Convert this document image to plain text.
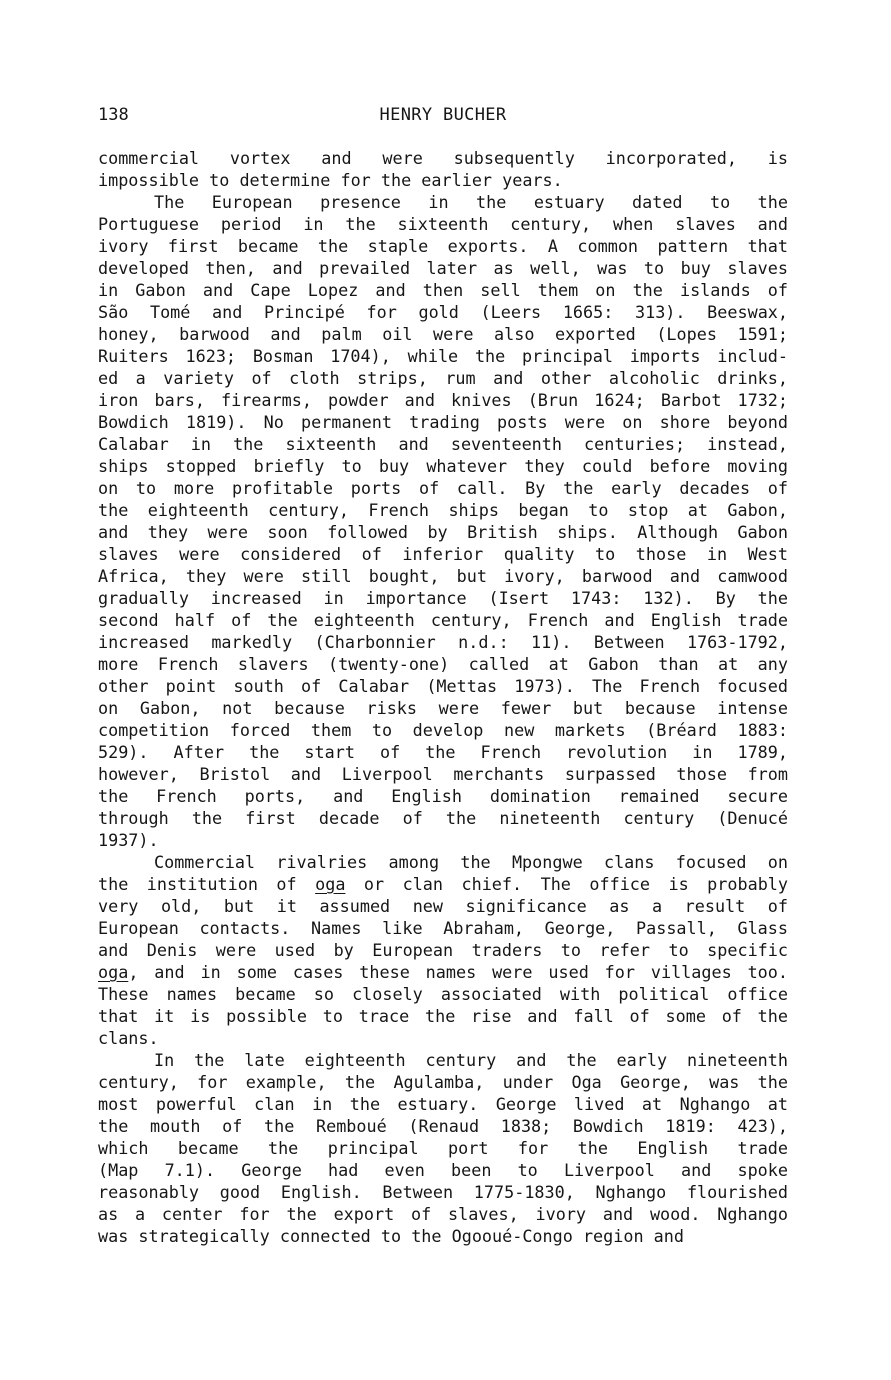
138	HENRY BUCHER
commercial vortex and were subsequently incorporated, is
impossible to determine for the earlier years.
The European presence in the estuary dated to the
Portuguese period in the sixteenth century, when slaves and
ivory first became the staple exports. A common pattern that
developed then, and prevailed later as well, was to buy slaves
in Gabon and Cape Lopez and then sell them on the islands of
São Tomé and Principé for gold (Leers 1665: 313). Beeswax,
honey, barwood and palm oil were also exported (Lopes 1591;
Ruiters 1623; Bosman 1704), while the principal imports includ-
ed a variety of cloth strips, rum and other alcoholic drinks,
iron bars, firearms, powder and knives (Brun 1624; Barbot 1732;
Bowdich 1819). No permanent trading posts were on shore beyond
Calabar in the sixteenth and seventeenth centuries; instead,
ships stopped briefly to buy whatever they could before moving
on to more profitable ports of call. By the early decades of
the eighteenth century, French ships began to stop at Gabon,
and they were soon followed by British ships. Although Gabon
slaves were considered of inferior quality to those in West
Africa, they were still bought, but ivory, barwood and camwood
gradually increased in importance (Isert 1743: 132). By the
second half of the eighteenth century, French and English trade
increased markedly (Charbonnier n.d.: 11). Between 1763-1792,
more French slavers (twenty-one) called at Gabon than at any
other point south of Calabar (Mettas 1973). The French focused
on Gabon, not because risks were fewer but because intense
competition forced them to develop new markets (Bréard 1883:
529). After the start of the French revolution in 1789,
however, Bristol and Liverpool merchants surpassed those from
the French ports, and English domination remained secure
through the first decade of the nineteenth century (Denucé
1937).
Commercial rivalries among the Mpongwe clans focused on
the institution of oga or clan chief. The office is probably
very old, but it assumed new significance as a result of
European contacts. Names like Abraham, George, Passall, Glass
and Denis were used by European traders to refer to specific
oga, and in some cases these names were used for villages too.
These names became so closely associated with political office
that it is possible to trace the rise and fall of some of the
clans.
In the late eighteenth century and the early nineteenth
century, for example, the Agulamba, under Oga George, was the
most powerful clan in the estuary. George lived at Nghango at
the mouth of the Remboué (Renaud 1838; Bowdich 1819: 423),
which became the principal port for the English trade
(Map 7.1). George had even been to Liverpool and spoke
reasonably good English. Between 1775-1830, Nghango flourished
as a center for the export of slaves, ivory and wood. Nghango
was strategically connected to the Ogooué-Congo region and
